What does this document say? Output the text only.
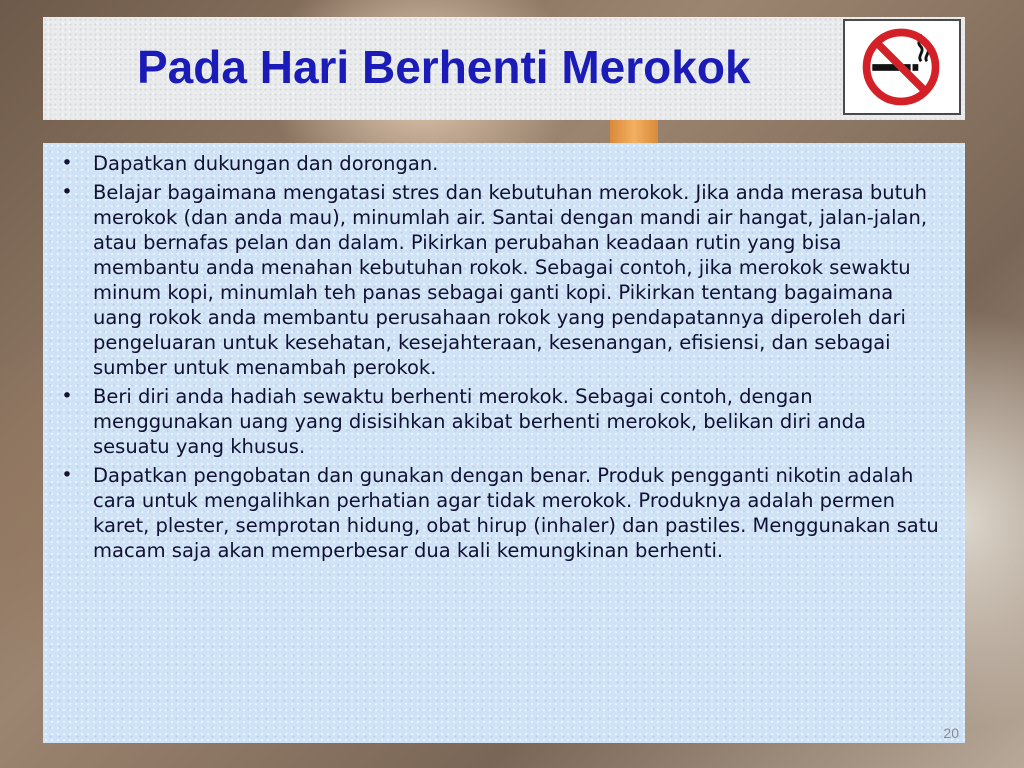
Pada Hari Berhenti Merokok
• Dapatkan dukungan dan dorongan.
• Belajar bagaimana mengatasi stres dan kebutuhan merokok. Jika anda merasa butuh merokok (dan anda mau), minumlah air. Santai dengan mandi air hangat, jalan-jalan, atau bernafas pelan dan dalam. Pikirkan perubahan keadaan rutin yang bisa membantu anda menahan kebutuhan rokok. Sebagai contoh, jika merokok sewaktu minum kopi, minumlah teh panas sebagai ganti kopi. Pikirkan tentang bagaimana uang rokok anda membantu perusahaan rokok yang pendapatannya diperoleh dari pengeluaran untuk kesehatan, kesejahteraan, kesenangan, efisiensi, dan sebagai sumber untuk menambah perokok.
• Beri diri anda hadiah sewaktu berhenti merokok. Sebagai contoh, dengan menggunakan uang yang disisihkan akibat berhenti merokok, belikan diri anda sesuatu yang khusus.
• Dapatkan pengobatan dan gunakan dengan benar. Produk pengganti nikotin adalah cara untuk mengalihkan perhatian agar tidak merokok. Produknya adalah permen karet, plester, semprotan hidung, obat hirup (inhaler) dan pastiles. Menggunakan satu macam saja akan memperbesar dua kali kemungkinan berhenti.
20
